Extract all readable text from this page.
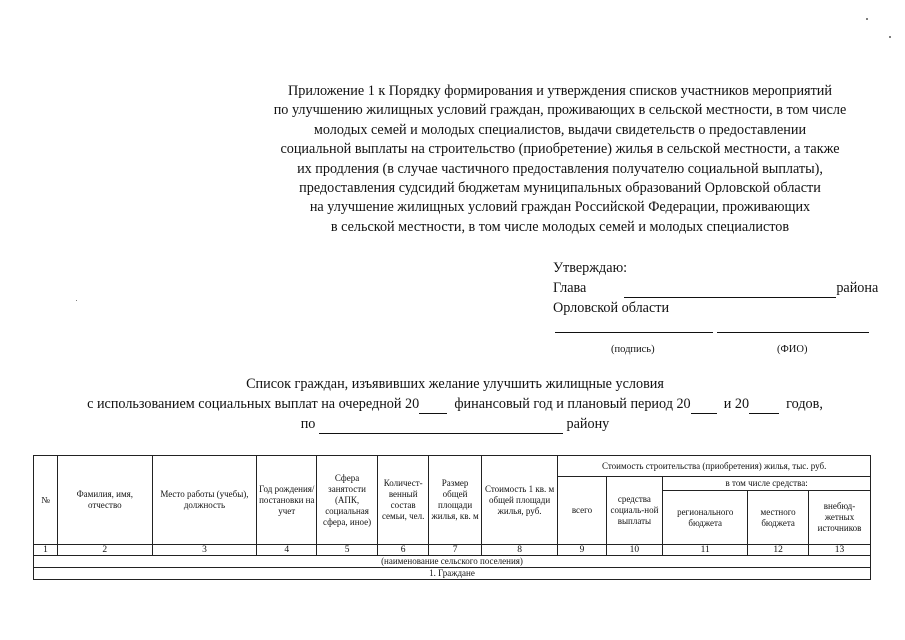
Приложение 1 к Порядку формирования и утверждения списков участников мероприятий
по улучшению жилищных условий граждан, проживающих в сельской местности, в том числе
молодых семей и молодых специалистов, выдачи свидетельств о предоставлении
социальной выплаты на строительство (приобретение) жилья в сельской местности, а также
их продления (в случае частичного предоставления получателю социальной выплаты),
предоставления судсидий бюджетам муниципальных образований Орловской области
на улучшение жилищных условий граждан Российской Федерации, проживающих
в сельской местности, в том числе молодых семей и молодых специалистов
Утверждаю:
Глава	района
Орловской области
(подпись)	(ФИО)
Список граждан, изъявивших желание улучшить жилищные условия
с использованием социальных выплат на очередной 20 финансовый год и плановый период 20 и 20	годов,
по	району
№	Фамилия, имя, отчество	Место работы (учебы), должность	Год рождения/ постановки на учет	Сфера занятости (АПК, социальная сфера, иное)	Количест-венный состав семьи, чел.	Размер общей площади жилья, кв. м	Стоимость 1 кв. м общей площади жилья, руб.	Стоимость строительства (приобретения) жилья, тыс. руб.				
								всего	средства социаль-ной выплаты	в том числе средства:		
										регионального бюджета	местного бюджета	внебюд-жетных источников
1	2	3	4	5	6	7	8	9	10	11	12	13
(наименование сельского поселения)												
1. Граждане												
